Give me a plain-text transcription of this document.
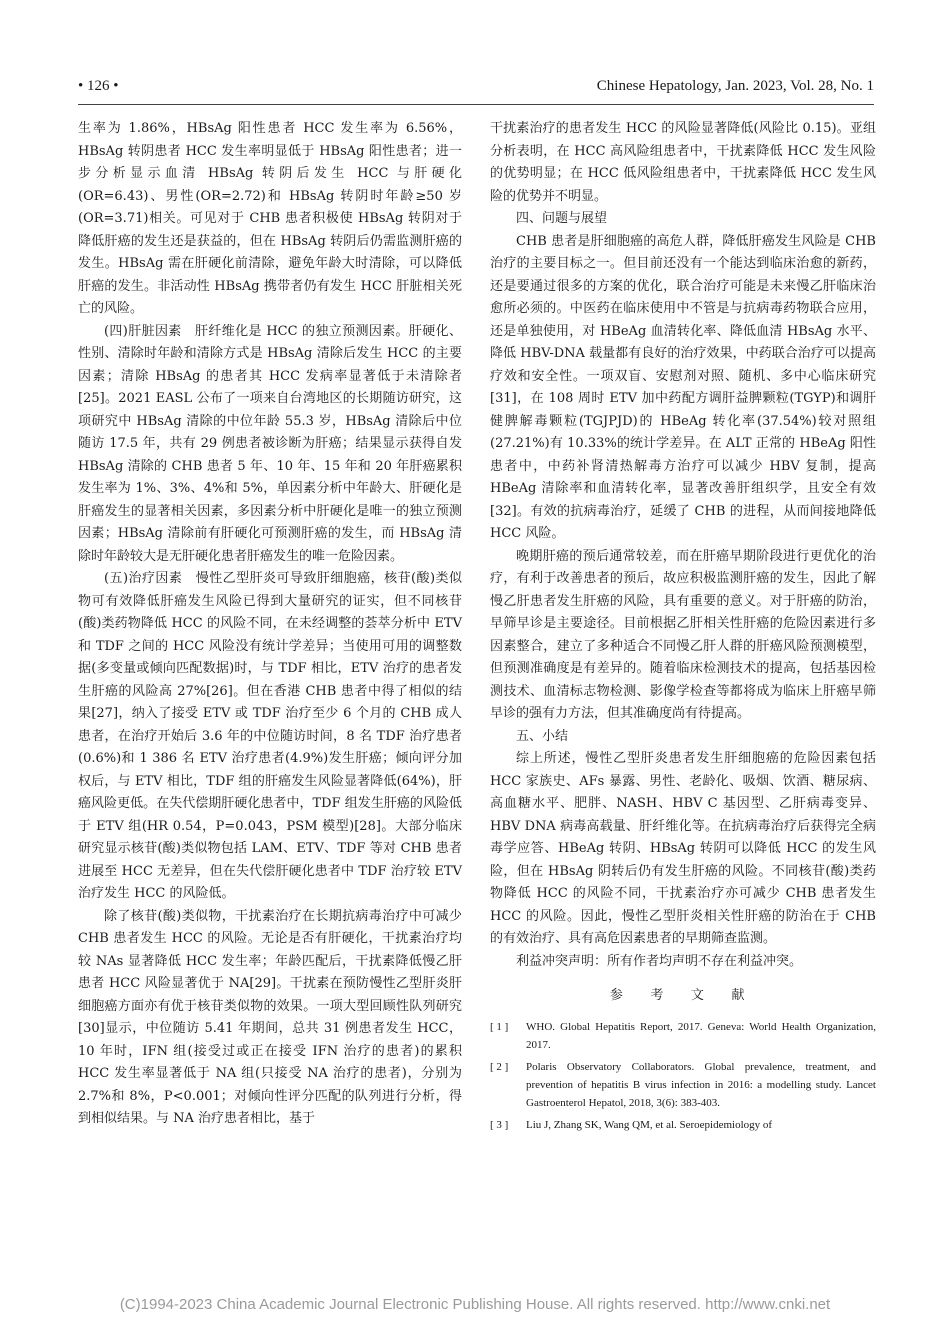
• 126 •	Chinese Hepatology, Jan. 2023, Vol. 28, No. 1

生率为 1.86%，HBsAg 阳性患者 HCC 发生率为 6.56%，HBsAg 转阴患者 HCC 发生率明显低于 HBsAg 阳性患者；进一步分析显示血清 HBsAg 转阴后发生 HCC 与肝硬化(OR=6.43)、男性(OR=2.72)和 HBsAg 转阴时年龄≥50 岁(OR=3.71)相关。可见对于 CHB 患者积极使 HBsAg 转阴对于降低肝癌的发生还是获益的，但在 HBsAg 转阴后仍需监测肝癌的发生。HBsAg 需在肝硬化前清除，避免年龄大时清除，可以降低肝癌的发生。非活动性 HBsAg 携带者仍有发生 HCC 肝脏相关死亡的风险。

(四)肝脏因素　肝纤维化是 HCC 的独立预测因素。肝硬化、性别、清除时年龄和清除方式是 HBsAg 清除后发生 HCC 的主要因素；清除 HBsAg 的患者其 HCC 发病率显著低于未清除者[25]。2021 EASL 公布了一项来自台湾地区的长期随访研究，这项研究中 HBsAg 清除的中位年龄 55.3 岁，HBsAg 清除后中位随访 17.5 年，共有 29 例患者被诊断为肝癌；结果显示获得自发 HBsAg 清除的 CHB 患者 5 年、10 年、15 年和 20 年肝癌累积发生率为 1%、3%、4%和 5%，单因素分析中年龄大、肝硬化是肝癌发生的显著相关因素，多因素分析中肝硬化是唯一的独立预测因素；HBsAg 清除前有肝硬化可预测肝癌的发生，而 HBsAg 清除时年龄较大是无肝硬化患者肝癌发生的唯一危险因素。

(五)治疗因素　慢性乙型肝炎可导致肝细胞癌，核苷(酸)类似物可有效降低肝癌发生风险已得到大量研究的证实，但不同核苷(酸)类药物降低 HCC 的风险不同，在未经调整的荟萃分析中 ETV 和 TDF 之间的 HCC 风险没有统计学差异；当使用可用的调整数据(多变量或倾向匹配数据)时，与 TDF 相比，ETV 治疗的患者发生肝癌的风险高 27%[26]。但在香港 CHB 患者中得了相似的结果[27]，纳入了接受 ETV 或 TDF 治疗至少 6 个月的 CHB 成人患者，在治疗开始后 3.6 年的中位随访时间，8 名 TDF 治疗患者(0.6%)和 1 386 名 ETV 治疗患者(4.9%)发生肝癌；倾向评分加权后，与 ETV 相比，TDF 组的肝癌发生风险显著降低(64%)，肝癌风险更低。在失代偿期肝硬化患者中，TDF 组发生肝癌的风险低于 ETV 组(HR 0.54，P=0.043，PSM 模型)[28]。大部分临床研究显示核苷(酸)类似物包括 LAM、ETV、TDF 等对 CHB 患者进展至 HCC 无差异，但在失代偿肝硬化患者中 TDF 治疗较 ETV 治疗发生 HCC 的风险低。

除了核苷(酸)类似物，干扰素治疗在长期抗病毒治疗中可减少 CHB 患者发生 HCC 的风险。无论是否有肝硬化，干扰素治疗均较 NAs 显著降低 HCC 发生率；年龄匹配后，干扰素降低慢乙肝患者 HCC 风险显著优于 NA[29]。干扰素在预防慢性乙型肝炎肝细胞癌方面亦有优于核苷类似物的效果。一项大型回顾性队列研究[30]显示，中位随访 5.41 年期间，总共 31 例患者发生 HCC，10 年时，IFN 组(接受过或正在接受 IFN 治疗的患者)的累积 HCC 发生率显著低于 NA 组(只接受 NA 治疗的患者)，分别为 2.7%和 8%，P<0.001；对倾向性评分匹配的队列进行分析，得到相似结果。与 NA 治疗患者相比，基于

干扰素治疗的患者发生 HCC 的风险显著降低(风险比 0.15)。亚组分析表明，在 HCC 高风险组患者中，干扰素降低 HCC 发生风险的优势明显；在 HCC 低风险组患者中，干扰素降低 HCC 发生风险的优势并不明显。

四、问题与展望

CHB 患者是肝细胞癌的高危人群，降低肝癌发生风险是 CHB 治疗的主要目标之一。但目前还没有一个能达到临床治愈的新药，还是要通过很多的方案的优化，联合治疗可能是未来慢乙肝临床治愈所必须的。中医药在临床使用中不管是与抗病毒药物联合应用，还是单独使用，对 HBeAg 血清转化率、降低血清 HBsAg 水平、降低 HBV-DNA 载量都有良好的治疗效果，中药联合治疗可以提高疗效和安全性。一项双盲、安慰剂对照、随机、多中心临床研究[31]，在 108 周时 ETV 加中药配方调肝益脾颗粒(TGYP)和调肝健脾解毒颗粒(TGJPJD)的 HBeAg 转化率(37.54%)较对照组(27.21%)有 10.33%的统计学差异。在 ALT 正常的 HBeAg 阳性患者中，中药补肾清热解毒方治疗可以减少 HBV 复制，提高 HBeAg 清除率和血清转化率，显著改善肝组织学，且安全有效[32]。有效的抗病毒治疗，延缓了 CHB 的进程，从而间接地降低 HCC 风险。

晚期肝癌的预后通常较差，而在肝癌早期阶段进行更优化的治疗，有利于改善患者的预后，故应积极监测肝癌的发生，因此了解慢乙肝患者发生肝癌的风险，具有重要的意义。对于肝癌的防治，早筛早诊是主要途径。目前根据乙肝相关性肝癌的危险因素进行多因素整合，建立了多种适合不同慢乙肝人群的肝癌风险预测模型，但预测准确度是有差异的。随着临床检测技术的提高，包括基因检测技术、血清标志物检测、影像学检查等都将成为临床上肝癌早筛早诊的强有力方法，但其准确度尚有待提高。

五、小结

综上所述，慢性乙型肝炎患者发生肝细胞癌的危险因素包括 HCC 家族史、AFs 暴露、男性、老龄化、吸烟、饮酒、糖尿病、高血糖水平、肥胖、NASH、HBV C 基因型、乙肝病毒变异、HBV DNA 病毒高载量、肝纤维化等。在抗病毒治疗后获得完全病毒学应答、HBeAg 转阴、HBsAg 转阴可以降低 HCC 的发生风险，但在 HBsAg 阴转后仍有发生肝癌的风险。不同核苷(酸)类药物降低 HCC 的风险不同，干扰素治疗亦可减少 CHB 患者发生 HCC 的风险。因此，慢性乙型肝炎相关性肝癌的防治在于 CHB 的有效治疗、具有高危因素患者的早期筛查监测。

利益冲突声明：所有作者均声明不存在利益冲突。

参 考 文 献
[ 1 ]	WHO. Global Hepatitis Report, 2017. Geneva: World Health Organization, 2017.
[ 2 ]	Polaris Observatory Collaborators. Global prevalence, treatment, and prevention of hepatitis B virus infection in 2016: a modelling study. Lancet Gastroenterol Hepatol, 2018, 3(6): 383-403.
[ 3 ]	Liu J, Zhang SK, Wang QM, et al. Seroepidemiology of
(C)1994-2023 China Academic Journal Electronic Publishing House. All rights reserved. http://www.cnki.net
